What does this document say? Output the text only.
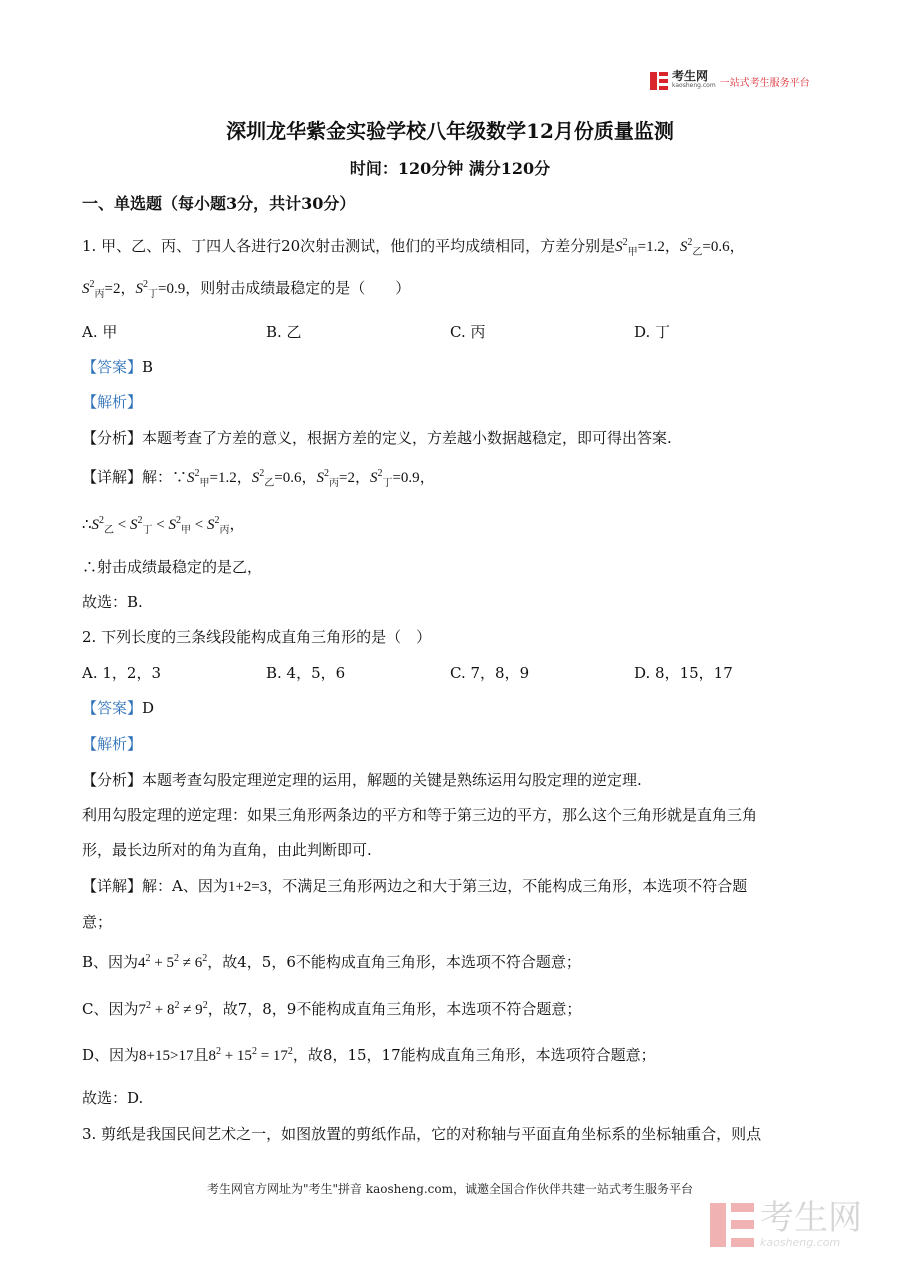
考生网
kaosheng.com 一站式考生服务平台
深圳龙华紫金实验学校八年级数学12月份质量监测
时间：120分钟 满分120分
一、单选题（每小题3分，共计30分）
1. 甲、乙、丙、丁四人各进行20次射击测试，他们的平均成绩相同，方差分别是$S^2_甲=1.2$，$S^2_乙=0.6$，
$S^2_丙=2$，$S^2_丁=0.9$，则射击成绩最稳定的是（　　）
A. 甲	B. 乙	C. 丙	D. 丁
【答案】B
【解析】
【分析】本题考查了方差的意义，根据方差的定义，方差越小数据越稳定，即可得出答案.
【详解】解：$\because S^2_甲=1.2$，$S^2_乙=0.6$，$S^2_丙=2$，$S^2_丁=0.9$，
$\therefore S^2_乙 < S^2_丁 < S^2_甲 < S^2_丙$，
∴射击成绩最稳定的是乙，
故选：B.
2. 下列长度的三条线段能构成直角三角形的是（　）
A. 1，2，3	B. 4，5，6	C. 7，8，9	D. 8，15，17
【答案】D
【解析】
【分析】本题考查勾股定理逆定理的运用，解题的关键是熟练运用勾股定理的逆定理.
利用勾股定理的逆定理：如果三角形两条边的平方和等于第三边的平方，那么这个三角形就是直角三角
形，最长边所对的角为直角，由此判断即可.
【详解】解：A、因为1+2=3，不满足三角形两边之和大于第三边，不能构成三角形，本选项不符合题
意；
B、因为$4^2 + 5^2 \ne 6^2$，故4，5，6不能构成直角三角形，本选项不符合题意；
C、因为$7^2 + 8^2 \ne 9^2$，故7，8，9不能构成直角三角形，本选项不符合题意；
D、因为8+15>17且$8^2 + 15^2 = 17^2$，故8，15，17能构成直角三角形，本选项符合题意；
故选：D.
3. 剪纸是我国民间艺术之一，如图放置的剪纸作品，它的对称轴与平面直角坐标系的坐标轴重合，则点
考生网官方网址为"考生"拼音 kaosheng.com，诚邀全国合作伙伴共建一站式考生服务平台
考生网
kaosheng.com
